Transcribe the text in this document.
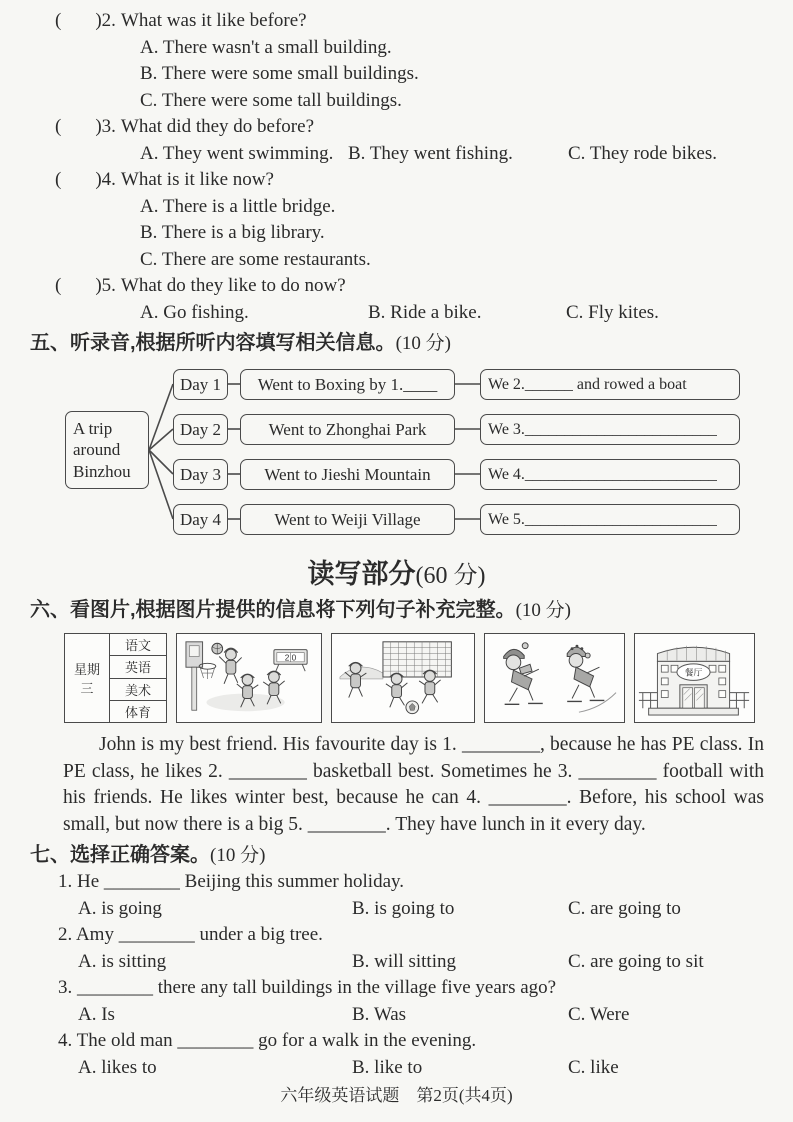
( )2. What was it like before?
A. There wasn't a small building.
B. There were some small buildings.
C. There were some tall buildings.
( )3. What did they do before?
A. They went swimming. B. They went fishing.	C. They rode bikes.
( )4. What is it like now?
A. There is a little bridge.
B. There is a big library.
C. There are some restaurants.
( )5. What do they like to do now?
A. Go fishing.	B. Ride a bike.	C. Fly kites.
五、听录音,根据所听内容填写相关信息。(10 分)
A trip around Binzhou
Day 1	Went to Boxing by 1.____	We 2.______ and rowed a boat
Day 2	Went to Zhonghai Park	We 3.________________________
Day 3	Went to Jieshi Mountain	We 4.________________________
Day 4	Went to Weiji Village	We 5.________________________
读写部分(60 分)
六、看图片,根据图片提供的信息将下列句子补充完整。(10 分)
星期三	语文
英语
美术
体育
2 0
餐厅

John is my best friend. His favourite day is 1. ________, because he has PE class. In PE class, he likes 2. ________ basketball best. Sometimes he 3. ________ football with his friends. He likes winter best, because he can 4. ________. Before, his school was small, but now there is a big 5. ________. They have lunch in it every day.

七、选择正确答案。(10 分)
1. He ________ Beijing this summer holiday.
A. is going	B. is going to	C. are going to
2. Amy ________ under a big tree.
A. is sitting	B. will sitting	C. are going to sit
3. ________ there any tall buildings in the village five years ago?
A. Is	B. Was	C. Were
4. The old man ________ go for a walk in the evening.
A. likes to	B. like to	C. like
六年级英语试题　第2页(共4页)
